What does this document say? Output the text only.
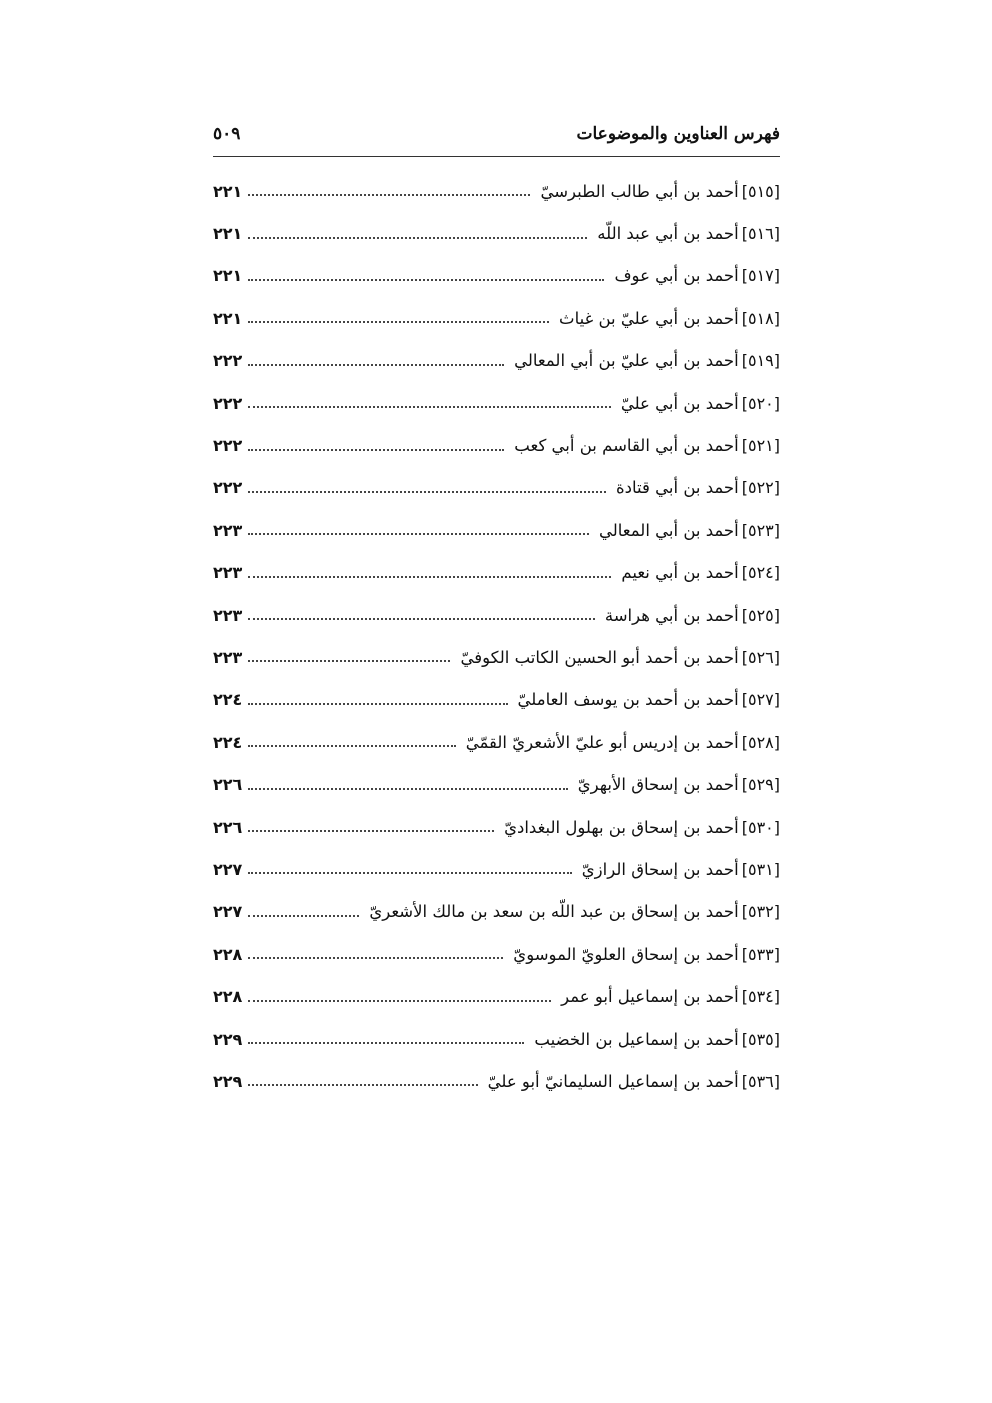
فهرس العناوين والموضوعات
٥٠٩
[٥١٥]
أحمد بن أبي طالب الطبرسيّ
٢٢١
[٥١٦]
أحمد بن أبي عبد اللّه
٢٢١
[٥١٧]
أحمد بن أبي عوف
٢٢١
[٥١٨]
أحمد بن أبي عليّ بن غياث
٢٢١
[٥١٩]
أحمد بن أبي عليّ بن أبي المعالي
٢٢٢
[٥٢٠]
أحمد بن أبي عليّ
٢٢٢
[٥٢١]
أحمد بن أبي القاسم بن أبي كعب
٢٢٢
[٥٢٢]
أحمد بن أبي قتادة
٢٢٢
[٥٢٣]
أحمد بن أبي المعالي
٢٢٣
[٥٢٤]
أحمد بن أبي نعيم
٢٢٣
[٥٢٥]
أحمد بن أبي هراسة
٢٢٣
[٥٢٦]
أحمد بن أحمد أبو الحسين الكاتب الكوفيّ
٢٢٣
[٥٢٧]
أحمد بن أحمد بن يوسف العامليّ
٢٢٤
[٥٢٨]
أحمد بن إدريس أبو عليّ الأشعريّ القمّيّ
٢٢٤
[٥٢٩]
أحمد بن إسحاق الأبهريّ
٢٢٦
[٥٣٠]
أحمد بن إسحاق بن بهلول البغداديّ
٢٢٦
[٥٣١]
أحمد بن إسحاق الرازيّ
٢٢٧
[٥٣٢]
أحمد بن إسحاق بن عبد اللّه بن سعد بن مالك الأشعريّ
٢٢٧
[٥٣٣]
أحمد بن إسحاق العلويّ الموسويّ
٢٢٨
[٥٣٤]
أحمد بن إسماعيل أبو عمر
٢٢٨
[٥٣٥]
أحمد بن إسماعيل بن الخضيب
٢٢٩
[٥٣٦]
أحمد بن إسماعيل السليمانيّ أبو عليّ
٢٢٩
